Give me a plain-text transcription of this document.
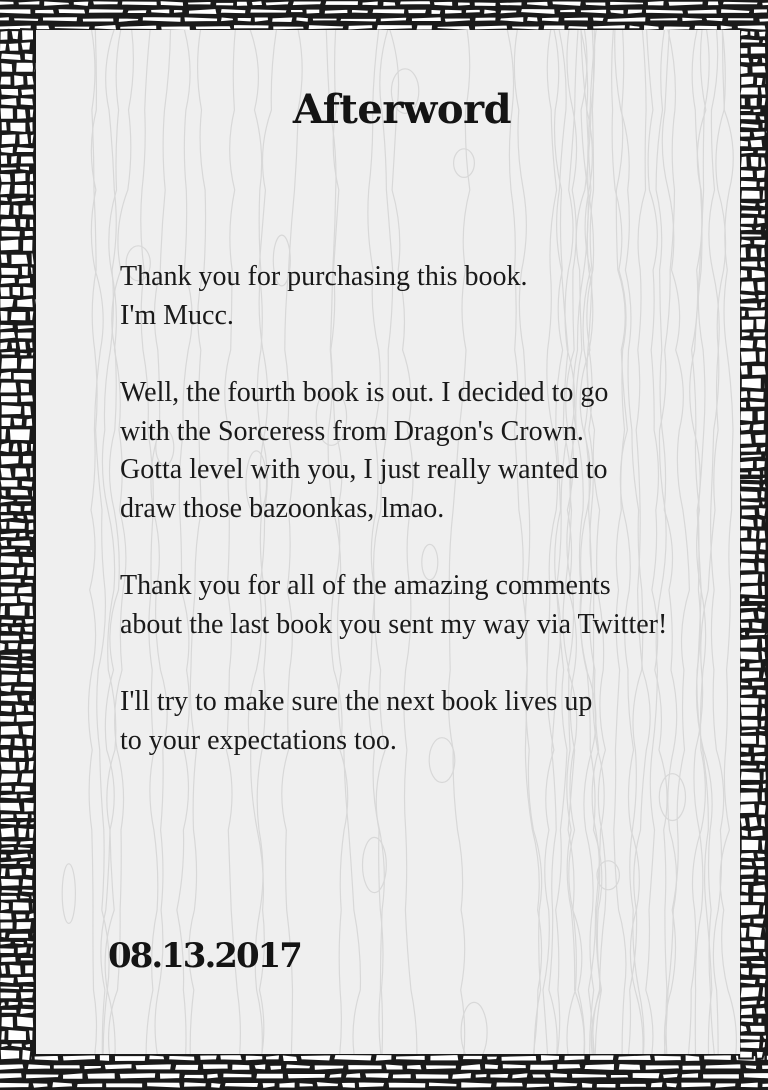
Afterword

Thank you for purchasing this book.
I'm Mucc.

Well, the fourth book is out. I decided to go
with the Sorceress from Dragon's Crown.
Gotta level with you, I just really wanted to
draw those bazoonkas, lmao.

Thank you for all of the amazing comments
about the last book you sent my way via Twitter!

I'll try to make sure the next book lives up
to your expectations too.

08.13.2017
